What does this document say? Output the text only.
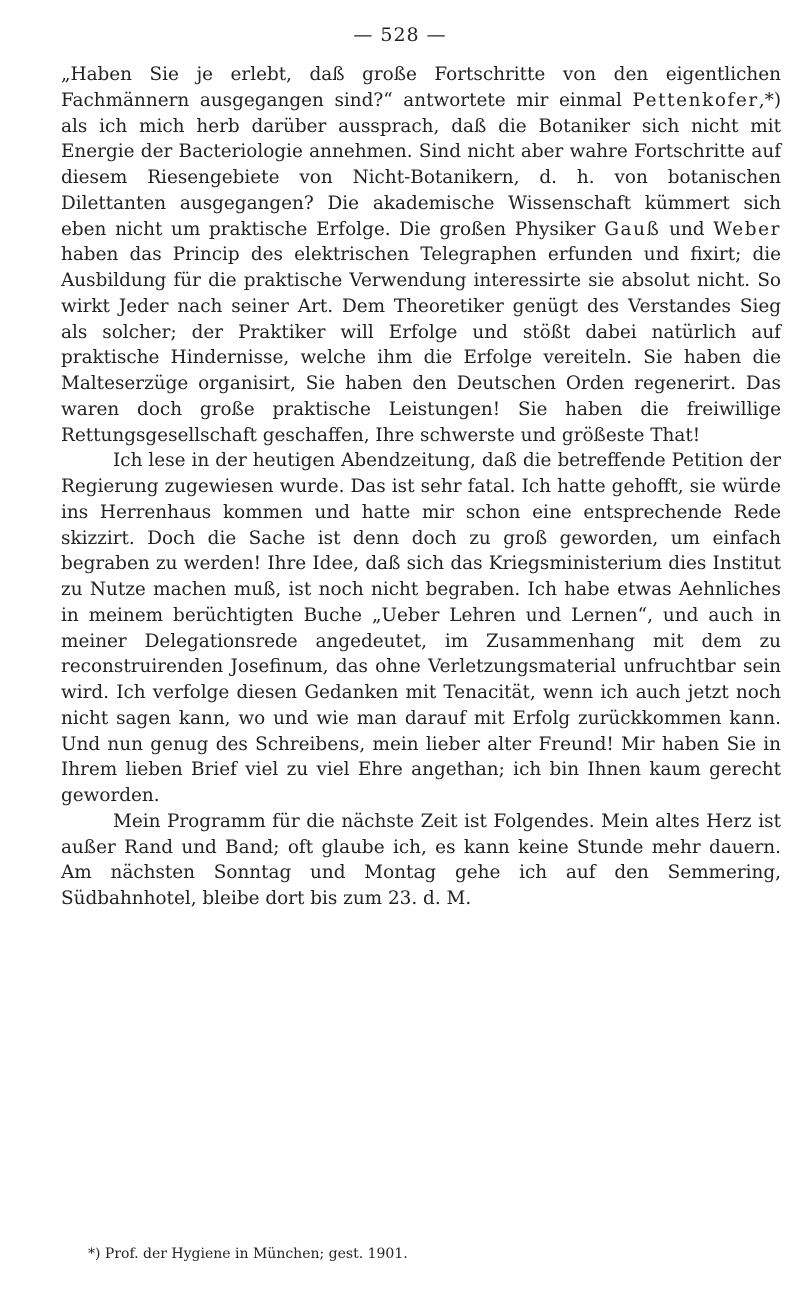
— 528 —

„Haben Sie je erlebt, daß große Fortschritte von den eigentlichen Fachmännern ausgegangen sind?“ antwortete mir einmal Pettenkofer,*) als ich mich herb darüber aussprach, daß die Botaniker sich nicht mit Energie der Bacteriologie annehmen. Sind nicht aber wahre Fortschritte auf diesem Riesengebiete von Nicht-Botanikern, d. h. von botanischen Dilettanten ausgegangen? Die akademische Wissenschaft kümmert sich eben nicht um praktische Erfolge. Die großen Physiker Gauß und Weber haben das Princip des elektrischen Telegraphen erfunden und fixirt; die Ausbildung für die praktische Verwendung interessirte sie absolut nicht. So wirkt Jeder nach seiner Art. Dem Theoretiker genügt des Verstandes Sieg als solcher; der Praktiker will Erfolge und stößt dabei natürlich auf praktische Hindernisse, welche ihm die Erfolge vereiteln. Sie haben die Malteserzüge organisirt, Sie haben den Deutschen Orden regenerirt. Das waren doch große praktische Leistungen! Sie haben die freiwillige Rettungsgesellschaft geschaffen, Ihre schwerste und größeste That!

Ich lese in der heutigen Abendzeitung, daß die betreffende Petition der Regierung zugewiesen wurde. Das ist sehr fatal. Ich hatte gehofft, sie würde ins Herrenhaus kommen und hatte mir schon eine entsprechende Rede skizzirt. Doch die Sache ist denn doch zu groß geworden, um einfach begraben zu werden! Ihre Idee, daß sich das Kriegsministerium dies Institut zu Nutze machen muß, ist noch nicht begraben. Ich habe etwas Aehnliches in meinem berüchtigten Buche „Ueber Lehren und Lernen“, und auch in meiner Delegationsrede angedeutet, im Zusammenhang mit dem zu reconstruirenden Josefinum, das ohne Verletzungsmaterial unfruchtbar sein wird. Ich verfolge diesen Gedanken mit Tenacität, wenn ich auch jetzt noch nicht sagen kann, wo und wie man darauf mit Erfolg zurückkommen kann. Und nun genug des Schreibens, mein lieber alter Freund! Mir haben Sie in Ihrem lieben Brief viel zu viel Ehre angethan; ich bin Ihnen kaum gerecht geworden.

Mein Programm für die nächste Zeit ist Folgendes. Mein altes Herz ist außer Rand und Band; oft glaube ich, es kann keine Stunde mehr dauern. Am nächsten Sonntag und Montag gehe ich auf den Semmering, Südbahnhotel, bleibe dort bis zum 23. d. M.

*) Prof. der Hygiene in München; gest. 1901.
